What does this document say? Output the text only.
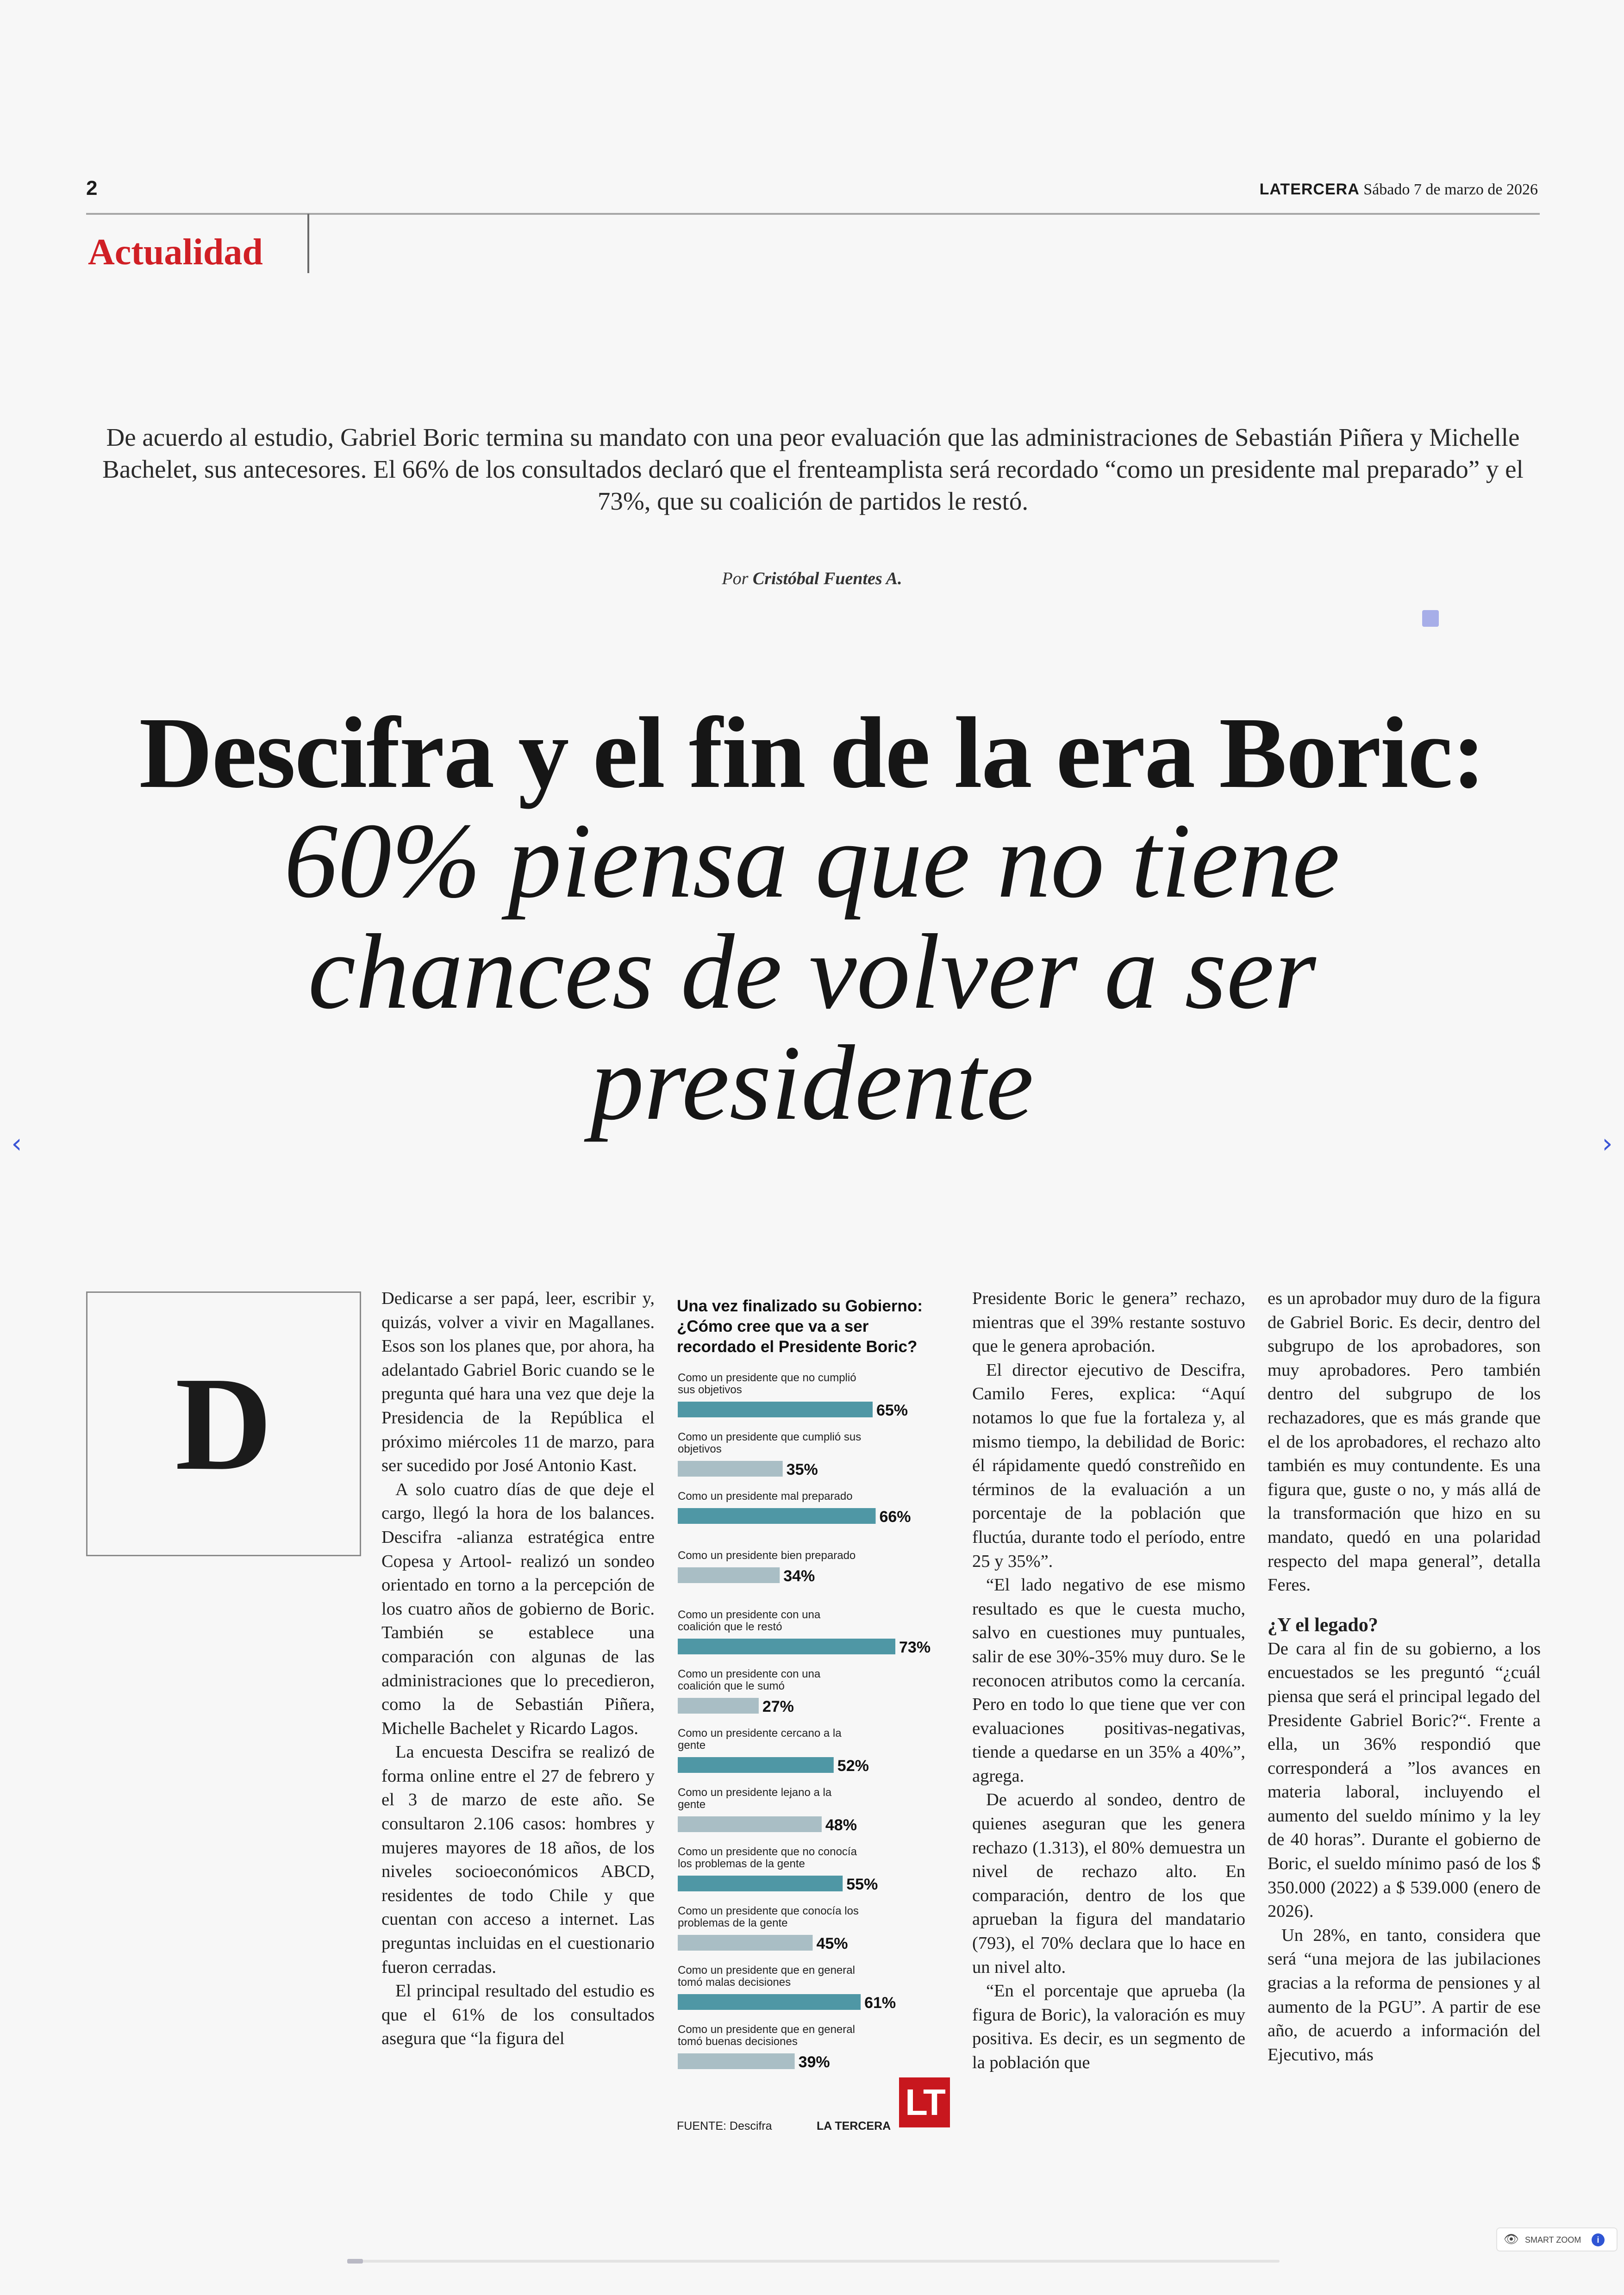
2	LATERCERA Sábado 7 de marzo de 2026
Actualidad
De acuerdo al estudio, Gabriel Boric termina su mandato con una peor evaluación que las administraciones de Sebastián Piñera y Michelle Bachelet, sus antecesores. El 66% de los consultados declaró que el frenteamplista será recordado “como un presidente mal preparado” y el 73%, que su coalición de partidos le restó.
Por Cristóbal Fuentes A.
Descifra y el fin de la era Boric:
60% piensa que no tiene chances de volver a ser presidente
‹	›
D

Dedicarse a ser papá, leer, escribir y, quizás, volver a vivir en Magallanes. Esos son los planes que, por ahora, ha adelantado Gabriel Boric cuando se le pregunta qué hara una vez que deje la Presidencia de la República el próximo miércoles 11 de marzo, para ser sucedido por José Antonio Kast.

A solo cuatro días de que deje el cargo, llegó la hora de los balances. Descifra -alianza estratégica entre Copesa y Artool- realizó un sondeo orientado en torno a la percepción de los cuatro años de gobierno de Boric. También se establece una comparación con algunas de las administraciones que lo precedieron, como la de Sebastián Piñera, Michelle Bachelet y Ricardo Lagos.

La encuesta Descifra se realizó de forma online entre el 27 de febrero y el 3 de marzo de este año. Se consultaron 2.106 casos: hombres y mujeres mayores de 18 años, de los niveles socioeconómicos ABCD, residentes de todo Chile y que cuentan con acceso a internet. Las preguntas incluidas en el cuestionario fueron cerradas.

El principal resultado del estudio es que el 61% de los consultados asegura que “la figura del

Una vez finalizado su Gobierno: ¿Cómo cree que va a ser recordado el Presidente Boric?
Como un presidente que no cumplió sus objetivos
65%
Como un presidente que cumplió sus objetivos
35%
Como un presidente mal preparado
66%
Como un presidente bien preparado
34%
Como un presidente con una coalición que le restó
73%
Como un presidente con una coalición que le sumó
27%
Como un presidente cercano a la gente
52%
Como un presidente lejano a la gente
48%
Como un presidente que no conocía los problemas de la gente
55%
Como un presidente que conocía los problemas de la gente
45%
Como un presidente que en general tomó malas decisiones
61%
Como un presidente que en general tomó buenas decisiones
39%
FUENTE: Descifra	LA TERCERA
LT

Presidente Boric le genera” rechazo, mientras que el 39% restante sostuvo que le genera aprobación.

El director ejecutivo de Descifra, Camilo Feres, explica: “Aquí notamos lo que fue la fortaleza y, al mismo tiempo, la debilidad de Boric: él rápidamente quedó constreñido en términos de la evaluación a un porcentaje de la población que fluctúa, durante todo el período, entre 25 y 35%”.

“El lado negativo de ese mismo resultado es que le cuesta mucho, salvo en cuestiones muy puntuales, salir de ese 30%-35% muy duro. Se le reconocen atributos como la cercanía. Pero en todo lo que tiene que ver con evaluaciones positivas-negativas, tiende a quedarse en un 35% a 40%”, agrega.

De acuerdo al sondeo, dentro de quienes aseguran que les genera rechazo (1.313), el 80% demuestra un nivel de rechazo alto. En comparación, dentro de los que aprueban la figura del mandatario (793), el 70% declara que lo hace en un nivel alto.

“En el porcentaje que aprueba (la figura de Boric), la valoración es muy positiva. Es decir, es un segmento de la población que

es un aprobador muy duro de la figura de Gabriel Boric. Es decir, dentro del subgrupo de los aprobadores, son muy aprobadores. Pero también dentro del subgrupo de los rechazadores, que es más grande que el de los aprobadores, el rechazo alto también es muy contundente. Es una figura que, guste o no, y más allá de la transformación que hizo en su mandato, quedó en una polaridad respecto del mapa general”, detalla Feres.

¿Y el legado?

De cara al fin de su gobierno, a los encuestados se les preguntó “¿cuál piensa que será el principal legado del Presidente Gabriel Boric?“. Frente a ella, un 36% respondió que corresponderá a ”los avances en materia laboral, incluyendo el aumento del sueldo mínimo y la ley de 40 horas”. Durante el gobierno de Boric, el sueldo mínimo pasó de los $ 350.000 (2022) a $ 539.000 (enero de 2026).

Un 28%, en tanto, considera que será “una mejora de las jubilaciones gracias a la reforma de pensiones y al aumento de la PGU”. A partir de ese año, de acuerdo a información del Ejecutivo, más

👁 SMART ZOOM	i
